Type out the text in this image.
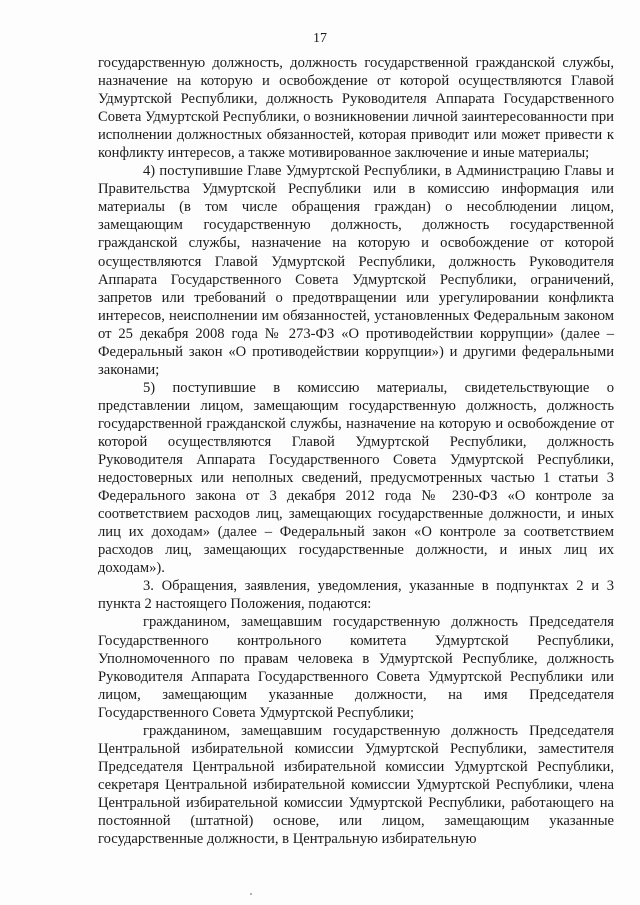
17

государственную должность, должность государственной гражданской службы, назначение на которую и освобождение от которой осуществляются Главой Удмуртской Республики, должность Руководителя Аппарата Государственного Совета Удмуртской Республики, о возникновении личной заинтересованности при исполнении должностных обязанностей, которая приводит или может привести к конфликту интересов, а также мотивированное заключение и иные материалы;

4) поступившие Главе Удмуртской Республики, в Администрацию Главы и Правительства Удмуртской Республики или в комиссию информация или материалы (в том числе обращения граждан) о несоблюдении лицом, замещающим государственную должность, должность государственной гражданской службы, назначение на которую и освобождение от которой осуществляются Главой Удмуртской Республики, должность Руководителя Аппарата Государственного Совета Удмуртской Республики, ограничений, запретов или требований о предотвращении или урегулировании конфликта интересов, неисполнении им обязанностей, установленных Федеральным законом от 25 декабря 2008 года № 273-ФЗ «О противодействии коррупции» (далее – Федеральный закон «О противодействии коррупции») и другими федеральными законами;

5) поступившие в комиссию материалы, свидетельствующие о представлении лицом, замещающим государственную должность, должность государственной гражданской службы, назначение на которую и освобождение от которой осуществляются Главой Удмуртской Республики, должность Руководителя Аппарата Государственного Совета Удмуртской Республики, недостоверных или неполных сведений, предусмотренных частью 1 статьи 3 Федерального закона от 3 декабря 2012 года № 230-ФЗ «О контроле за соответствием расходов лиц, замещающих государственные должности, и иных лиц их доходам» (далее – Федеральный закон «О контроле за соответствием расходов лиц, замещающих государственные должности, и иных лиц их доходам»).

3. Обращения, заявления, уведомления, указанные в подпунктах 2 и 3 пункта 2 настоящего Положения, подаются:

гражданином, замещавшим государственную должность Председателя Государственного контрольного комитета Удмуртской Республики, Уполномоченного по правам человека в Удмуртской Республике, должность Руководителя Аппарата Государственного Совета Удмуртской Республики или лицом, замещающим указанные должности, на имя Председателя Государственного Совета Удмуртской Республики;

гражданином, замещавшим государственную должность Председателя Центральной избирательной комиссии Удмуртской Республики, заместителя Председателя Центральной избирательной комиссии Удмуртской Республики, секретаря Центральной избирательной комиссии Удмуртской Республики, члена Центральной избирательной комиссии Удмуртской Республики, работающего на постоянной (штатной) основе, или лицом, замещающим указанные государственные должности, в Центральную избирательную
